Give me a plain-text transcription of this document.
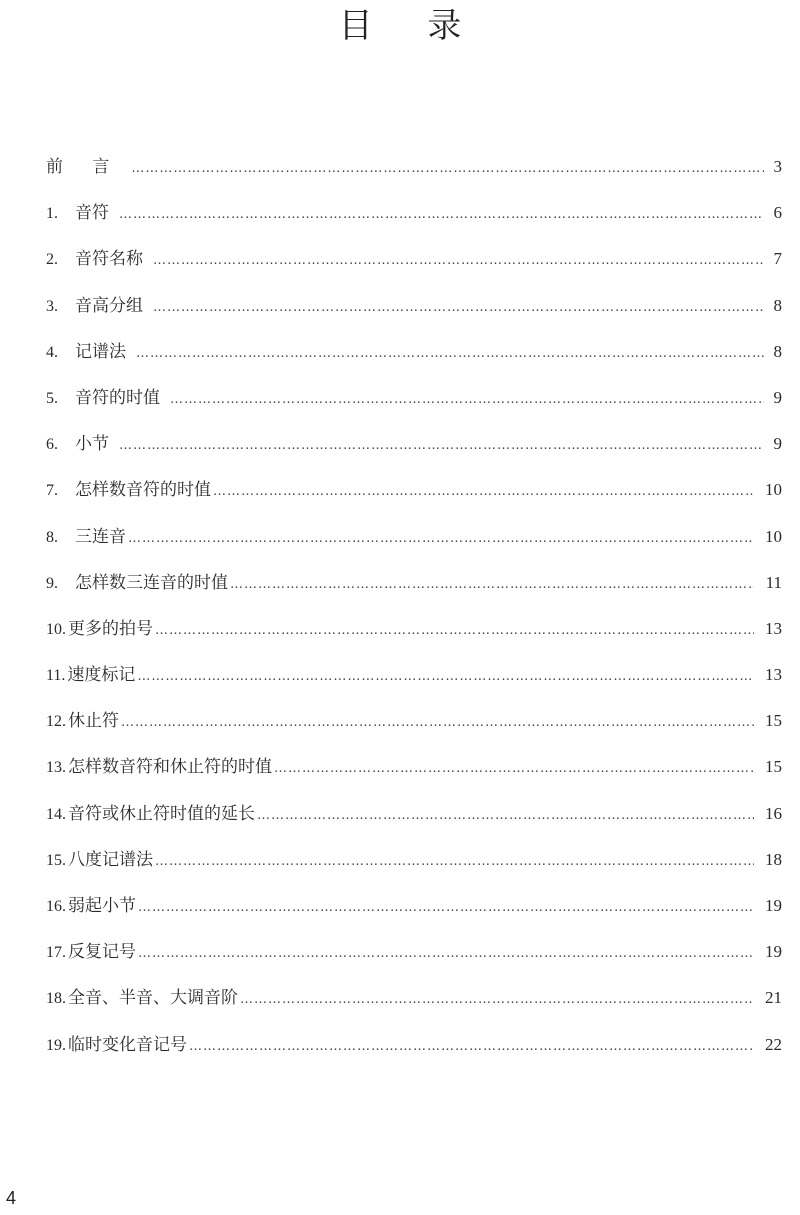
目 录
前 言 …………………………………………………………………………………………………………………………………………………	3
1.	音符 …………………………………………………………………………………………………………………………………………………	6
2.	音符名称 …………………………………………………………………………………………………………………………………………………	7
3.	音高分组 …………………………………………………………………………………………………………………………………………………	8
4.	记谱法 …………………………………………………………………………………………………………………………………………………	8
5.	音符的时值 …………………………………………………………………………………………………………………………………………………	9
6.	小节 …………………………………………………………………………………………………………………………………………………	9
7.	怎样数音符的时值 …………………………………………………………………………………………………………………………………………………	10
8.	三连音 …………………………………………………………………………………………………………………………………………………	10
9.	怎样数三连音的时值 …………………………………………………………………………………………………………………………………………………	11
10. 更多的拍号 …………………………………………………………………………………………………………………………………………………	13
11. 速度标记 …………………………………………………………………………………………………………………………………………………	13
12. 休止符 …………………………………………………………………………………………………………………………………………………	15
13. 怎样数音符和休止符的时值 …………………………………………………………………………………………………………………………………………………	15
14. 音符或休止符时值的延长 …………………………………………………………………………………………………………………………………………………	16
15. 八度记谱法 …………………………………………………………………………………………………………………………………………………	18
16. 弱起小节 …………………………………………………………………………………………………………………………………………………	19
17. 反复记号 …………………………………………………………………………………………………………………………………………………	19
18. 全音、半音、大调音阶 …………………………………………………………………………………………………………………………………………………	21
19. 临时变化音记号 …………………………………………………………………………………………………………………………………………………	22
4
